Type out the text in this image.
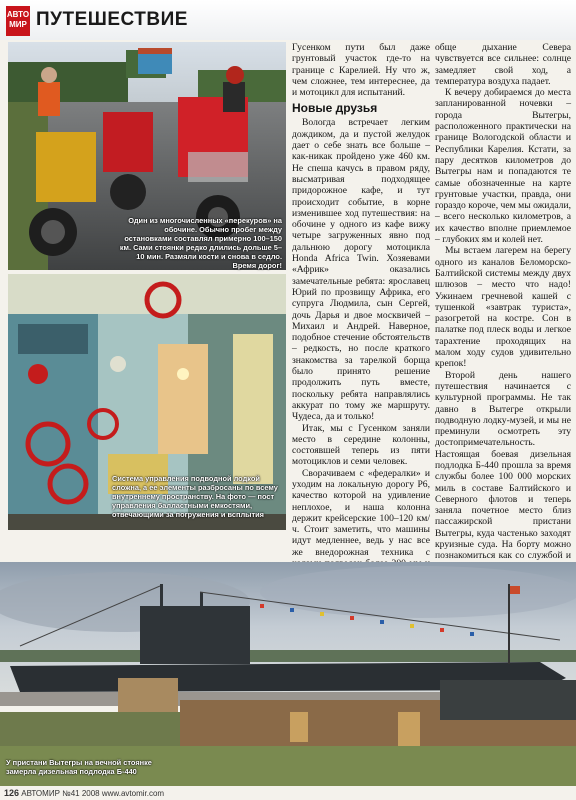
АВТО
МИР ПУТЕШЕСТВИЕ
Один из многочисленных «перекуров» на обочине. Обычно пробег между остановками составлял примерно 100–150 км. Сами стоянки редко длились дольше 5–10 мин. Размяли кости и снова в седло. Время дорог!
Система управления подводной лодкой сложна, а ее элементы разбросаны по всему внутреннему пространству. На фото — пост управления балластными емкостями, отвечающими за погружения и всплытия

Гусенком пути был даже грунтовый участок где-то на границе с Карелией. Ну что ж, чем сложнее, тем интереснее, да и мотоцикл для испытаний.

Новые друзья

Вологда встречает легким дождиком, да и пустой желудок дает о себе знать все больше – как-никак пройдено уже 460 км. Не спеша качусь в правом ряду, высматривая подходящее придорожное кафе, и тут происходит событие, в корне изменившее ход путешествия: на обочине у одного из кафе вижу четыре загруженных явно под дальнюю дорогу мотоцикла Honda Africa Twin. Хозяевами «Африк» оказались замечательные ребята: ярославец Юрий по прозвищу Африка, его супруга Людмила, сын Сергей, дочь Дарья и двое москвичей – Михаил и Андрей. Наверное, подобное стечение обстоятельств – редкость, но после краткого знакомства за тарелкой борща было принято решение продолжить путь вместе, поскольку ребята направлялись аккурат по тому же маршруту. Чудеса, да и только!

Итак, мы с Гусенком заняли место в середине колонны, состоявшей теперь из пяти мотоциклов и семи человек.

Сворачиваем с «федералки» и уходим на локальную дорогу Р6, качество которой на удивление неплохое, и наша колонна держит крейсерские 100–120 км/ч. Стоит заметить, что машины идут медленнее, ведь у нас все же внедорожная техника с

обще дыхание Севера чувствуется все сильнее: солнце замедляет свой ход, а температура воздуха падает.

К вечеру добираемся до места запланированной ночевки – города Вытегры, расположенного практически на границе Вологодской области и Республики Карелия. Кстати, за пару десятков километров до Вытегры нам и попадаются те самые обозначенные на карте грунтовые участки, правда, они гораздо короче, чем мы ожидали, – всего несколько километров, а их качество вполне приемлемое – глубоких ям и колей нет.

Мы встаем лагерем на берегу одного из каналов Беломорско-Балтийской системы между двух шлюзов – место что надо! Ужинаем гречневой кашей с тушенкой «завтрак туриста», разогретой на костре. Сон в палатке под плеск воды и легкое тарахтение проходящих на малом ходу судов удивительно крепок!

Второй день нашего путешествия начинается с культурной программы. Не так давно в Вытегре открыли подводную лодку-музей, и мы не преминули осмотреть эту достопримечательность. Настоящая боевая дизельная подлодка Б-440 прошла за время службы более 100 000 морских миль в составе Балтийского и Северного флотов и теперь заняла почетное место близ пассажирской пристани Вытегры, куда частенько заходят круизные суда. На борту можно познакомиться как со службой и

У пристани Вытегры на вечной стоянке замерла дизельная подлодка Б-440
126 АВТОМИР №41 2008 www.avtomir.com
